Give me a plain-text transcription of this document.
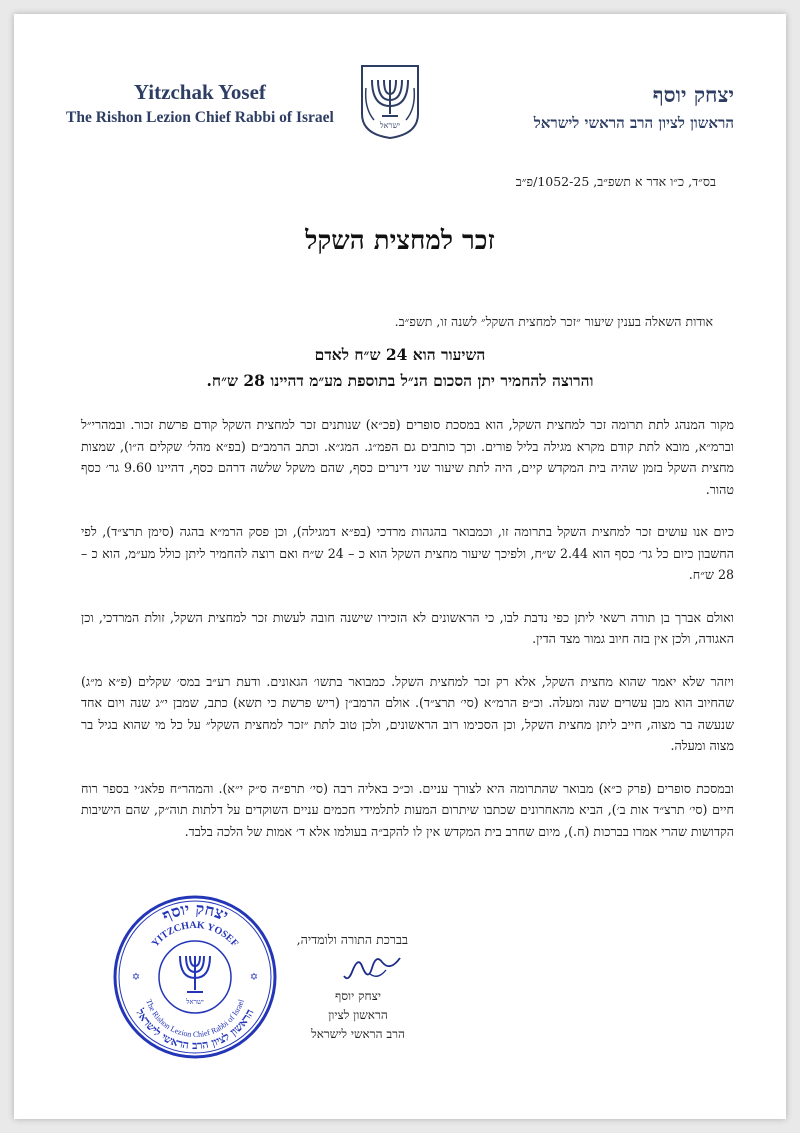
Yitzchak Yosef
The Rishon Lezion Chief Rabbi of Israel	ישראל
יצחק יוסף
הראשון לציון הרב הראשי לישראל
בס״ד, כ״ו אדר א תשפ״ב, 1052-25/פ״ב
זכר למחצית השקל
אודות השאלה בענין שיעור ״זכר למחצית השקל״ לשנה זו, תשפ״ב.
השיעור הוא 24 ש״ח לאדם
והרוצה להחמיר יתן הסכום הנ״ל בתוספת מע״מ דהיינו 28 ש״ח.

מקור המנהג לתת תרומה זכר למחצית השקל, הוא במסכת סופרים (פכ״א) שנותנים זכר למחצית השקל קודם פרשת זכור. ובמהרי״ל וברמ״א, מובא לתת קודם מקרא מגילה בליל פורים. וכך כותבים גם הפמ״ג. המג״א. וכתב הרמב״ם (בפ״א מהל׳ שקלים ה״ו), שמצות מחצית השקל בזמן שהיה בית המקדש קיים, היה לתת שיעור שני דינרים כסף, שהם משקל שלשה דרהם כסף, דהיינו 9.60 גר׳ כסף טהור.

כיום אנו עושים זכר למחצית השקל בתרומה זו, וכמבואר בהגהות מרדכי (בפ״א דמגילה), וכן פסק הרמ״א בהגה (סימן תרצ״ד), לפי החשבון כיום כל גר׳ כסף הוא 2.44 ש״ח, ולפיכך שיעור מחצית השקל הוא כ – 24 ש״ח ואם רוצה להחמיר ליתן כולל מע״מ, הוא כ – 28 ש״ח.

ואולם אברך בן תורה רשאי ליתן כפי נדבת לבו, כי הראשונים לא הזכירו שישנה חובה לעשות זכר למחצית השקל, זולת המרדכי, וכן האגודה, ולכן אין בזה חיוב גמור מצד הדין.

ויזהר שלא יאמר שהוא מחצית השקל, אלא רק זכר למחצית השקל. כמבואר בתשו׳ הגאונים. ודעת רע״ב במס׳ שקלים (פ״א מ״ג) שהחיוב הוא מבן עשרים שנה ומעלה. וכ״פ הרמ״א (סי׳ תרצ״ד). אולם הרמב״ן (ריש פרשת כי תשא) כתב, שמבן י״ג שנה ויום אחד שנעשה בר מצוה, חייב ליתן מחצית השקל, וכן הסכימו רוב הראשונים, ולכן טוב לתת ״זכר למחצית השקל״ על כל מי שהוא בגיל בר מצוה ומעלה.

ובמסכת סופרים (פרק כ״א) מבואר שהתרומה היא לצורך עניים. וכ״כ באליה רבה (סי׳ תרפ״ה ס״ק י״א). והמהר״ח פלאג׳י בספר רוח חיים (סי׳ תרצ״ד אות ב׳), הביא מהאחרונים שכתבו שיתרום המעות לתלמידי חכמים עניים השוקדים על דלתות תוה״ק, שהם הישיבות הקדושות שהרי אמרו בברכות (ח.), מיום שחרב בית המקדש אין לו להקב״ה בעולמו אלא ד׳ אמות של הלכה בלבד.

בברכת התורה ולומדיה,
יצחק יוסף
הראשון לציון
הרב הראשי לישראל
יצחק יוסף
YITZCHAK YOSEF
The Rishon Lezion Chief Rabbi of Israel
הראשון לציון הרב הראשי לישראל
ישראל
✡	✡
